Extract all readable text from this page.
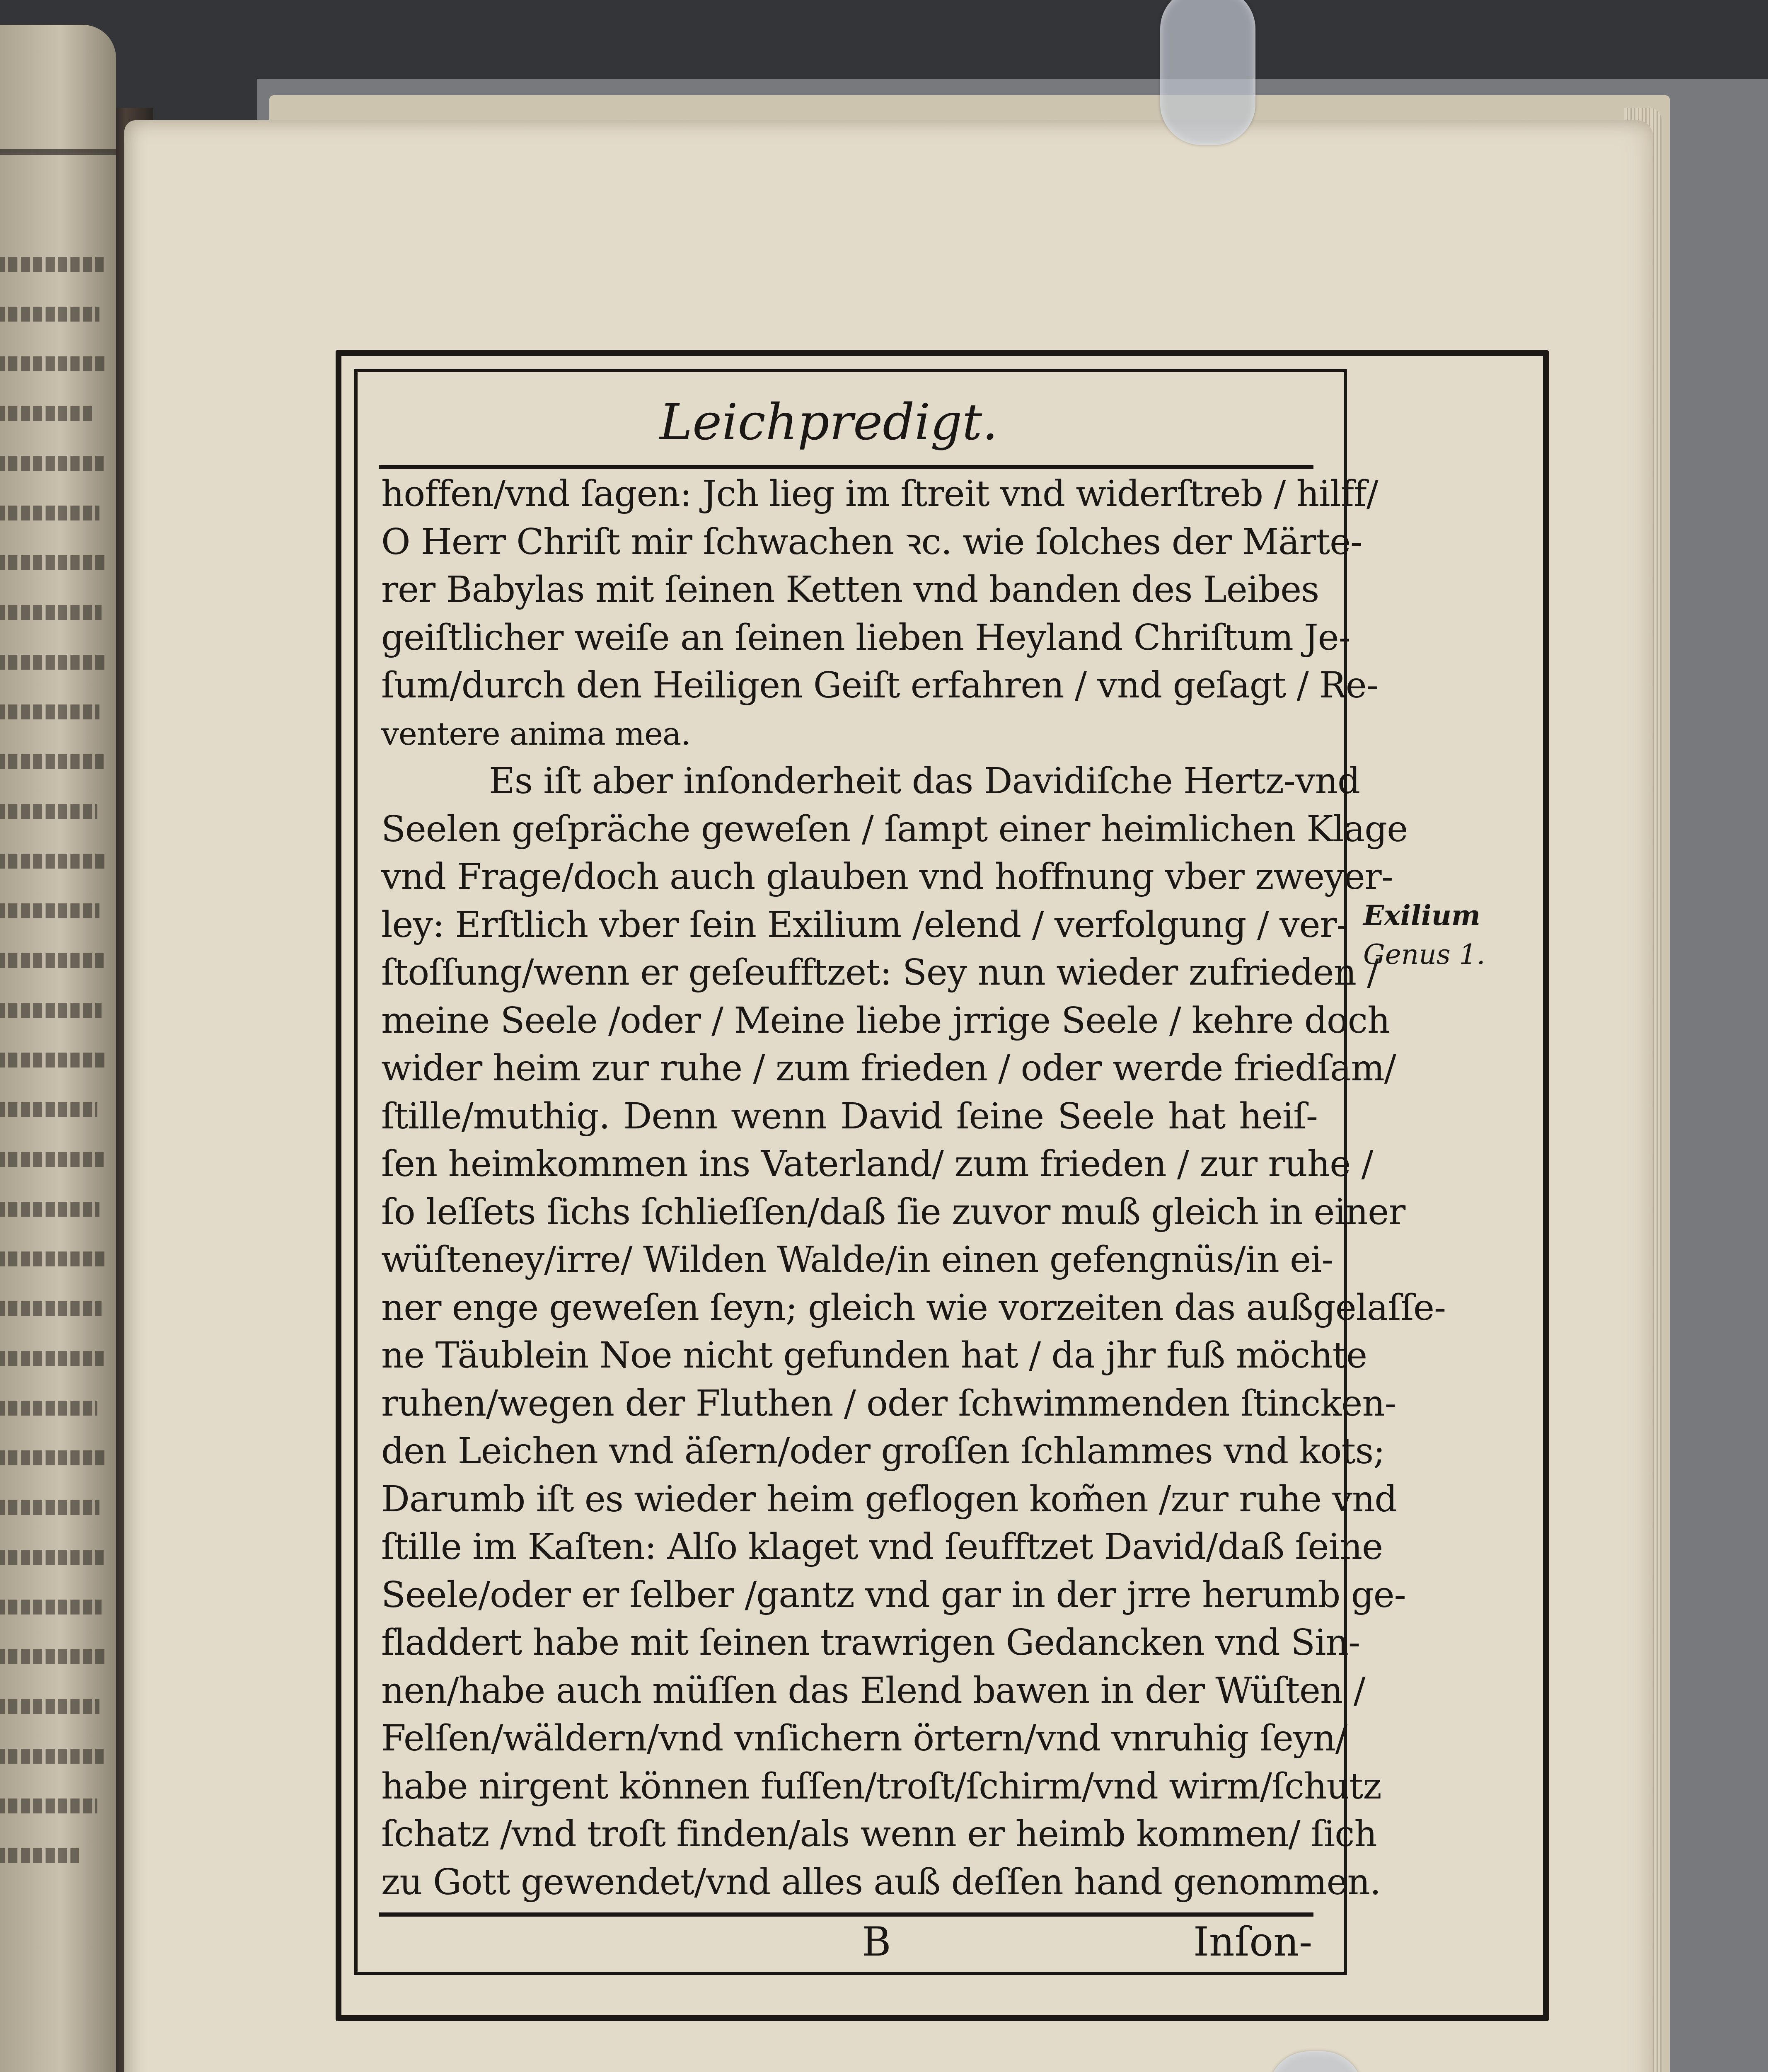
Leichpredigt.
hoffen/vnd ſagen: Jch lieg im ſtreit vnd widerſtreb / hilff/
O Herr Chriſt mir ſchwachen ꝛc. wie ſolches der Märte-
rer Babylas mit ſeinen Ketten vnd banden des Leibes
geiſtlicher weiſe an ſeinen lieben Heyland Chriſtum Je-
ſum/durch den Heiligen Geiſt erfahren / vnd geſagt / Re-
ventere anima mea.
Es iſt aber inſonderheit das Davidiſche Hertz-vnd
Seelen geſpräche geweſen / ſampt einer heimlichen Klage
vnd Frage/doch auch glauben vnd hoffnung vber zweyer-
ley: Erſtlich vber ſein Exilium /elend / verfolgung / ver-
ſtoſſung/wenn er geſeufftzet: Sey nun wieder zufrieden /
meine Seele /oder / Meine liebe jrrige Seele / kehre doch
wider heim zur ruhe / zum frieden / oder werde friedſam/
ſtille/muthig. Denn wenn David ſeine Seele hat heiſ-
ſen heimkommen ins Vaterland/ zum frieden / zur ruhe /
ſo leſſets ſichs ſchlieſſen/daß ſie zuvor muß gleich in einer
wüſteney/irre/ Wilden Walde/in einen gefengnüs/in ei-
ner enge geweſen ſeyn; gleich wie vorzeiten das außgelaſſe-
ne Täublein Noe nicht gefunden hat / da jhr fuß möchte
ruhen/wegen der Fluthen / oder ſchwimmenden ſtincken-
den Leichen vnd äſern/oder groſſen ſchlammes vnd kots;
Darumb iſt es wieder heim geflogen kom̃en /zur ruhe vnd
ſtille im Kaſten: Alſo klaget vnd ſeufftzet David/daß ſeine
Seele/oder er ſelber /gantz vnd gar in der jrre herumb ge-
fladdert habe mit ſeinen trawrigen Gedancken vnd Sin-
nen/habe auch müſſen das Elend bawen in der Wüſten /
Felſen/wäldern/vnd vnſichern örtern/vnd vnruhig ſeyn/
habe nirgent können fuſſen/troſt/ſchirm/vnd wirm/ſchutz
ſchatz /vnd troſt finden/als wenn er heimb kommen/ ſich
zu Gott gewendet/vnd alles auß deſſen hand genommen.
B	Inſon-
Exilium
Genus 1.
